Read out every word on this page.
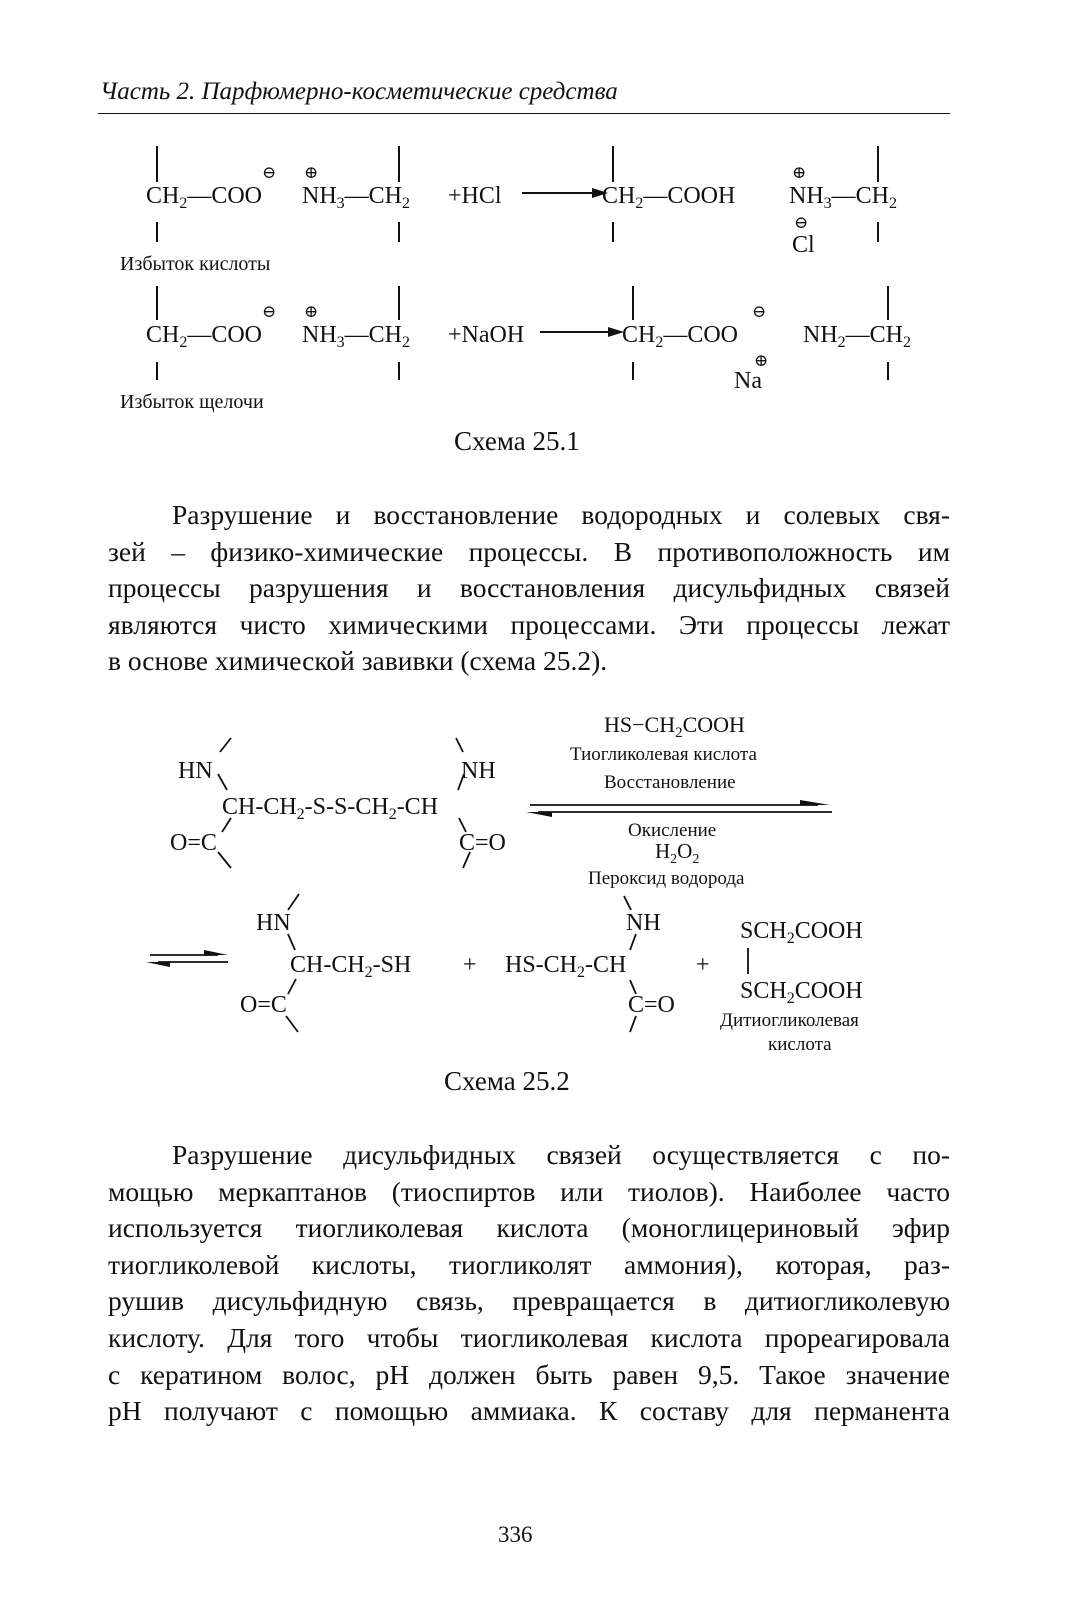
Часть 2. Парфюмерно-косметические средства
$CH_2—COO$
⊖ ⊕
$NH_3—CH_2 +HCl$	$CH_2—COOH$
⊕
$NH_3—CH_2$
⊖
Cl
Избыток кислоты
$CH_2—COO$
⊖ ⊕
$NH_3—CH_2$ +NaOH	$CH_2—COO$
⊖
⊕
Na
$NH_2—CH_2$
Избыток щелочи
Схема 25.1
Разрушение и восстановление водородных и солевых свя-
зей – физико-химические процессы. В противоположность им
процессы разрушения и восстановления дисульфидных связей
являются чисто химическими процессами. Эти процессы лежат
в основе химической завивки (схема 25.2).
HN	NH
$CH-CH_2-S-S-CH_2-CH$
O=C	C=O
$HS-CH_2COOH$
Тиогликолевая кислота
Восстановление
Окисление
$H_2O_2$
Пероксид водорода
HN
$CH-CH_2-SH$
O=C
+
NH
$HS-CH_2-CH$
C=O
+
$SCH_2COOH$
$SCH_2COOH$
Дитиогликолевая
кислота
Схема 25.2
Разрушение дисульфидных связей осуществляется с по-
мощью меркаптанов (тиоспиртов или тиолов). Наиболее часто
используется тиогликолевая кислота (моноглицериновый эфир
тиогликолевой кислоты, тиогликолят аммония), которая, раз-
рушив дисульфидную связь, превращается в дитиогликолевую
кислоту. Для того чтобы тиогликолевая кислота прореагировала
с кератином волос, pH должен быть равен 9,5. Такое значение
pH получают с помощью аммиака. К составу для перманента
336
